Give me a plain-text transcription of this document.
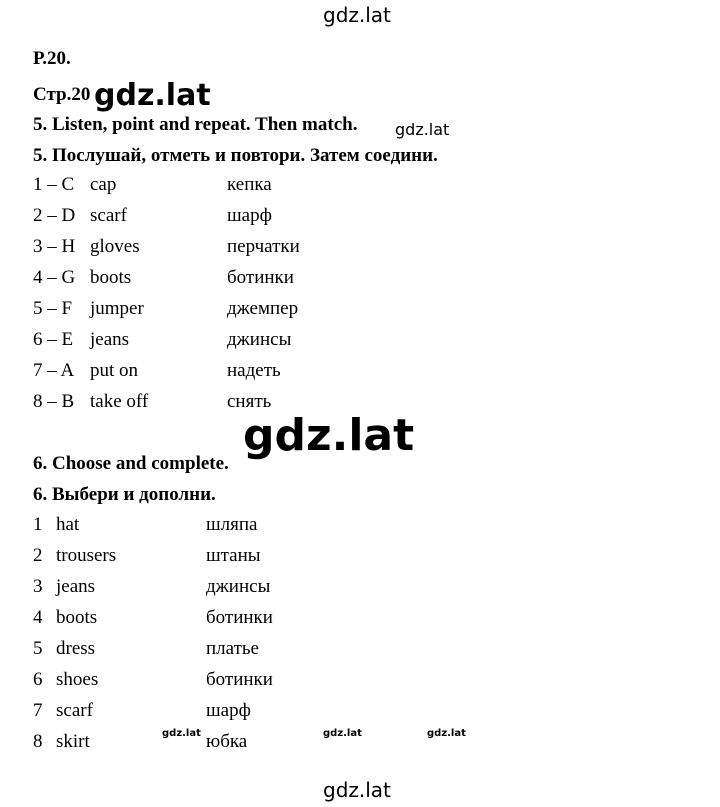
gdz.lat
gdz.lat
gdz.lat
gdz.lat
gdz.lat	gdz.lat	gdz.lat
gdz.lat
Р.20.
Стр.20
5. Listen, point and repeat. Then match.
5. Послушай, отметь и повтори. Затем соедини.
1 – C cap	кепка
2 – D scarf	шарф
3 – H gloves	перчатки
4 – G boots	ботинки
5 – F jumper	джемпер
6 – E jeans	джинсы
7 – A put on	надеть
8 – B take off	снять
6. Choose and complete.
6. Выбери и дополни.
1 hat	шляпа
2 trousers	штаны
3 jeans	джинсы
4 boots	ботинки
5 dress	платье
6 shoes	ботинки
7 scarf	шарф
8 skirt	юбка
